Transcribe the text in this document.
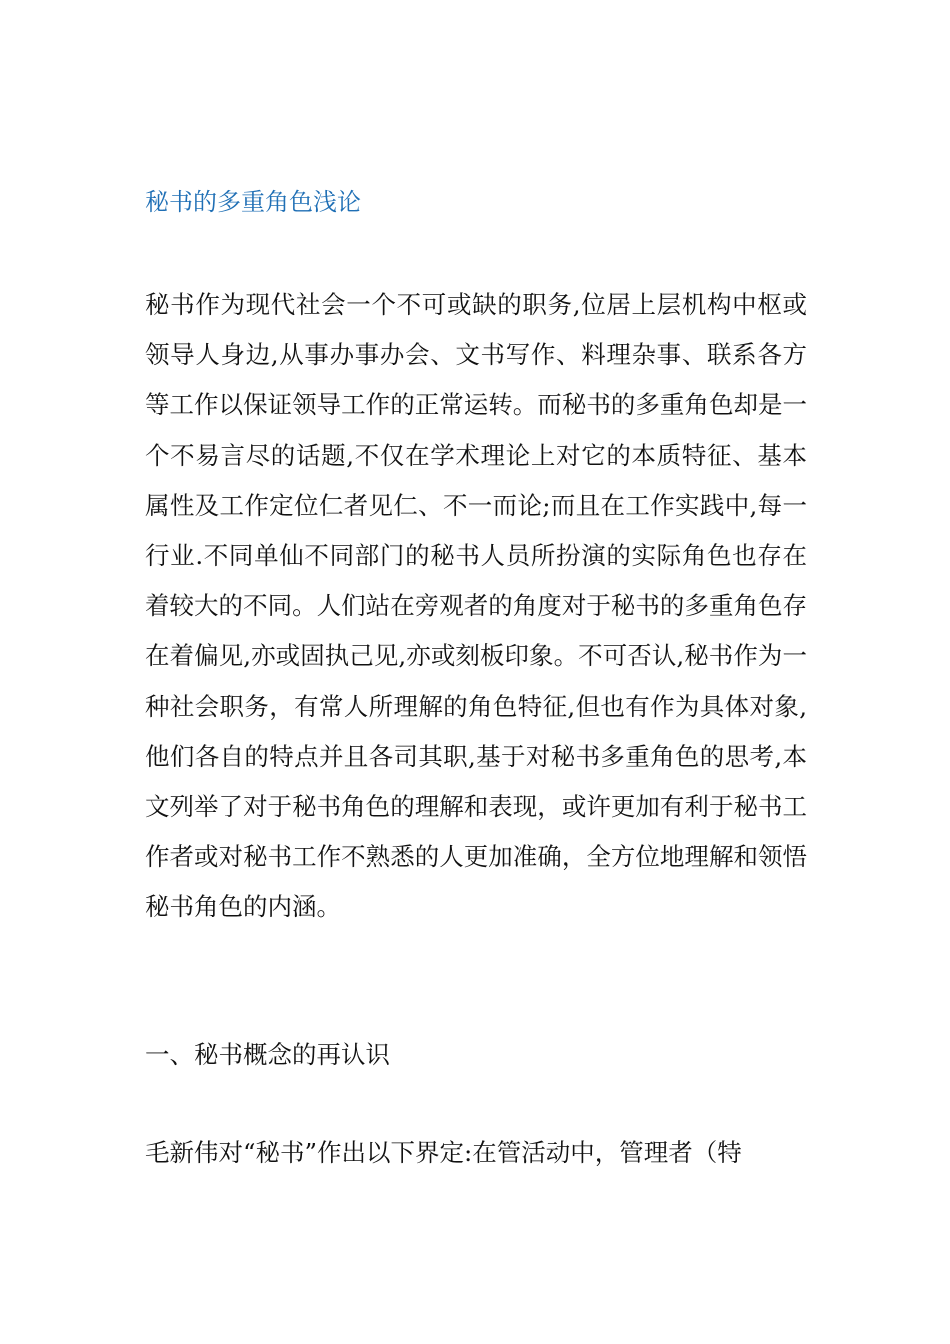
秘书的多重角色浅论

秘书作为现代社会一个不可或缺的职务,位居上层机构中枢或领导人身边,从事办事办会、文书写作、料理杂事、联系各方等工作以保证领导工作的正常运转。而秘书的多重角色却是一个不易言尽的话题,不仅在学术理论上对它的本质特征、基本属性及工作定位仁者见仁、不一而论;而且在工作实践中,每一行业.不同单仙不同部门的秘书人员所扮演的实际角色也存在着较大的不同。人们站在旁观者的角度对于秘书的多重角色存在着偏见,亦或固执己见,亦或刻板印象。不可否认,秘书作为一种社会职务，有常人所理解的角色特征,但也有作为具体对象,他们各自的特点并且各司其职,基于对秘书多重角色的思考,本文列举了对于秘书角色的理解和表现，或许更加有利于秘书工作者或对秘书工作不熟悉的人更加准确，全方位地理解和领悟秘书角色的内涵。

一、秘书概念的再认识

毛新伟对“秘书”作出以下界定:在管活动中，管理者（特
